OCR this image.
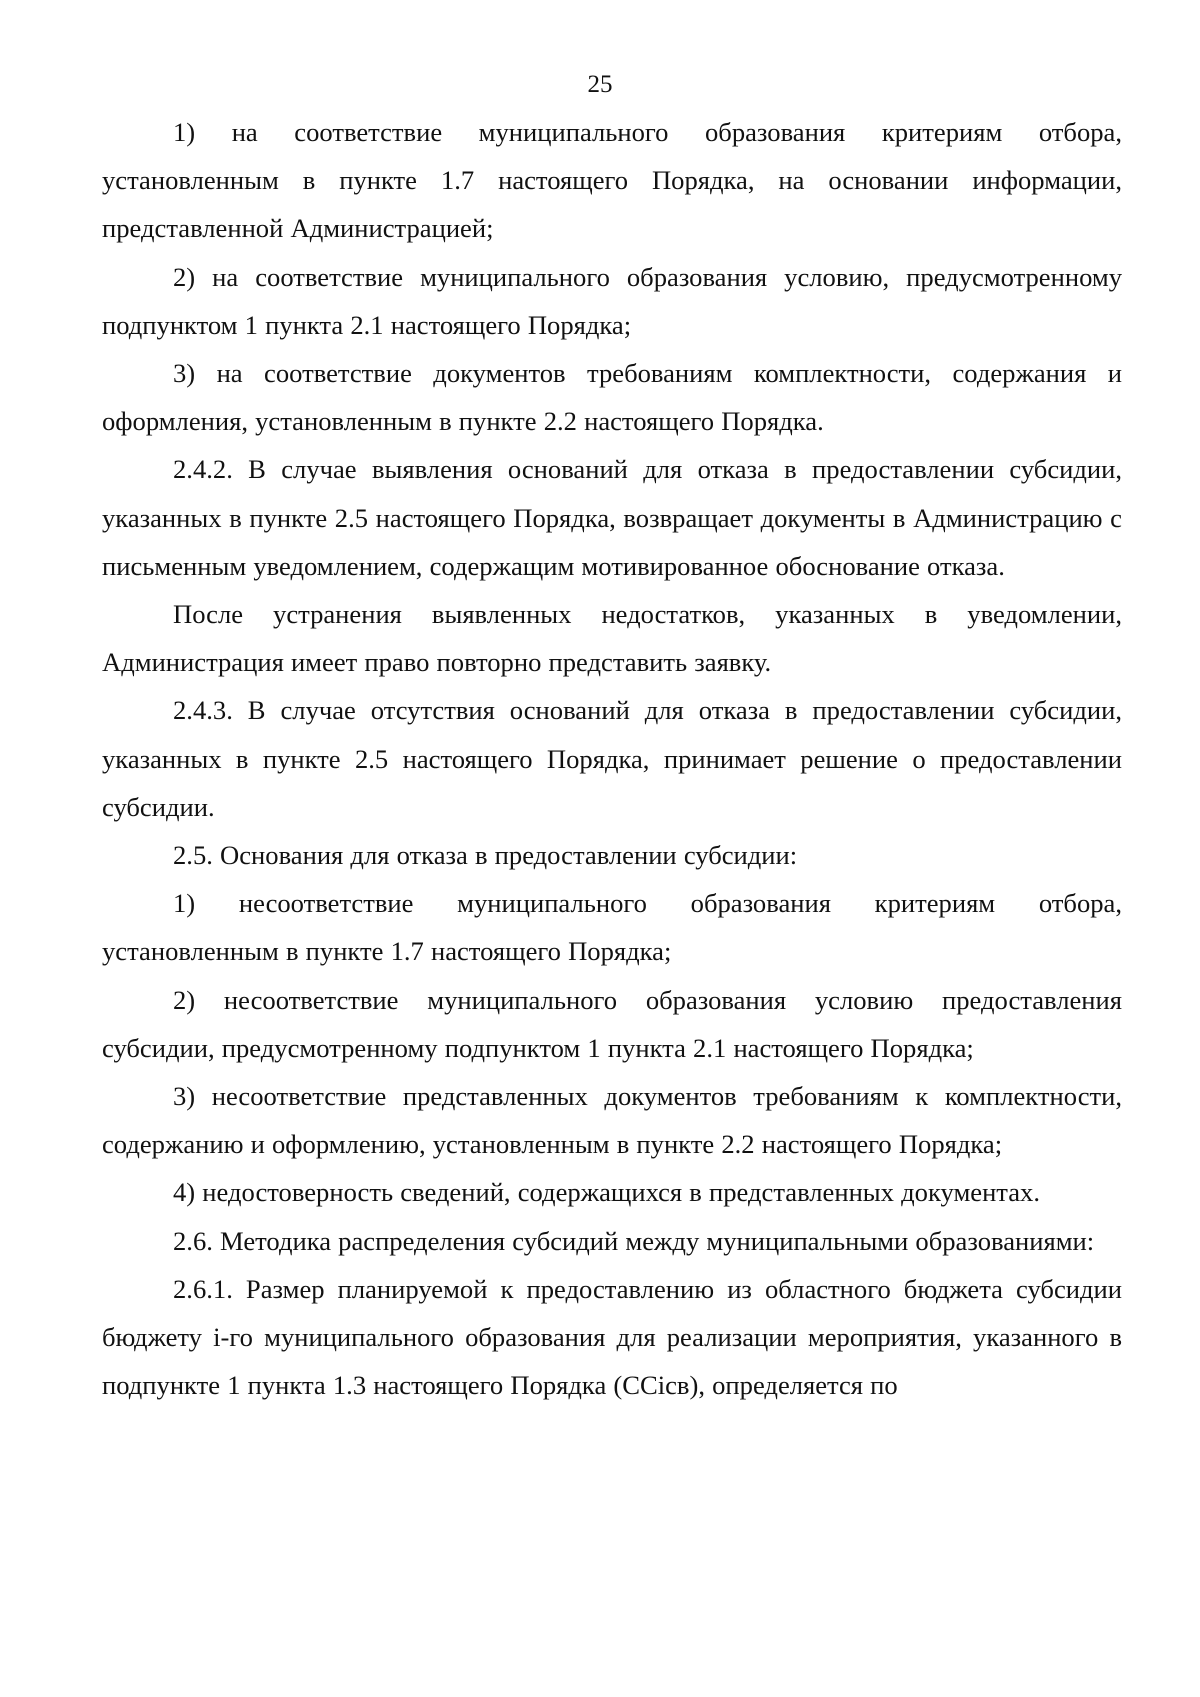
25

1) на соответствие муниципального образования критериям отбора, установленным в пункте 1.7 настоящего Порядка, на основании информации, представленной Администрацией;

2) на соответствие муниципального образования условию, предусмотренному подпунктом 1 пункта 2.1 настоящего Порядка;

3) на соответствие документов требованиям комплектности, содержания и оформления, установленным в пункте 2.2 настоящего Порядка.

2.4.2. В случае выявления оснований для отказа в предоставлении субсидии, указанных в пункте 2.5 настоящего Порядка, возвращает документы в Администрацию с письменным уведомлением, содержащим мотивированное обоснование отказа.

После устранения выявленных недостатков, указанных в уведомлении, Администрация имеет право повторно представить заявку.

2.4.3. В случае отсутствия оснований для отказа в предоставлении субсидии, указанных в пункте 2.5 настоящего Порядка, принимает решение о предоставлении субсидии.

2.5. Основания для отказа в предоставлении субсидии:

1) несоответствие муниципального образования критериям отбора, установленным в пункте 1.7 настоящего Порядка;

2) несоответствие муниципального образования условию предоставления субсидии, предусмотренному подпунктом 1 пункта 2.1 настоящего Порядка;

3) несоответствие представленных документов требованиям к комплектности, содержанию и оформлению, установленным в пункте 2.2 настоящего Порядка;

4) недостоверность сведений, содержащихся в представленных документах.

2.6. Методика распределения субсидий между муниципальными образованиями:

2.6.1. Размер планируемой к предоставлению из областного бюджета субсидии бюджету i-го муниципального образования для реализации мероприятия, указанного в подпункте 1 пункта 1.3 настоящего Порядка (ССiсв), определяется по
